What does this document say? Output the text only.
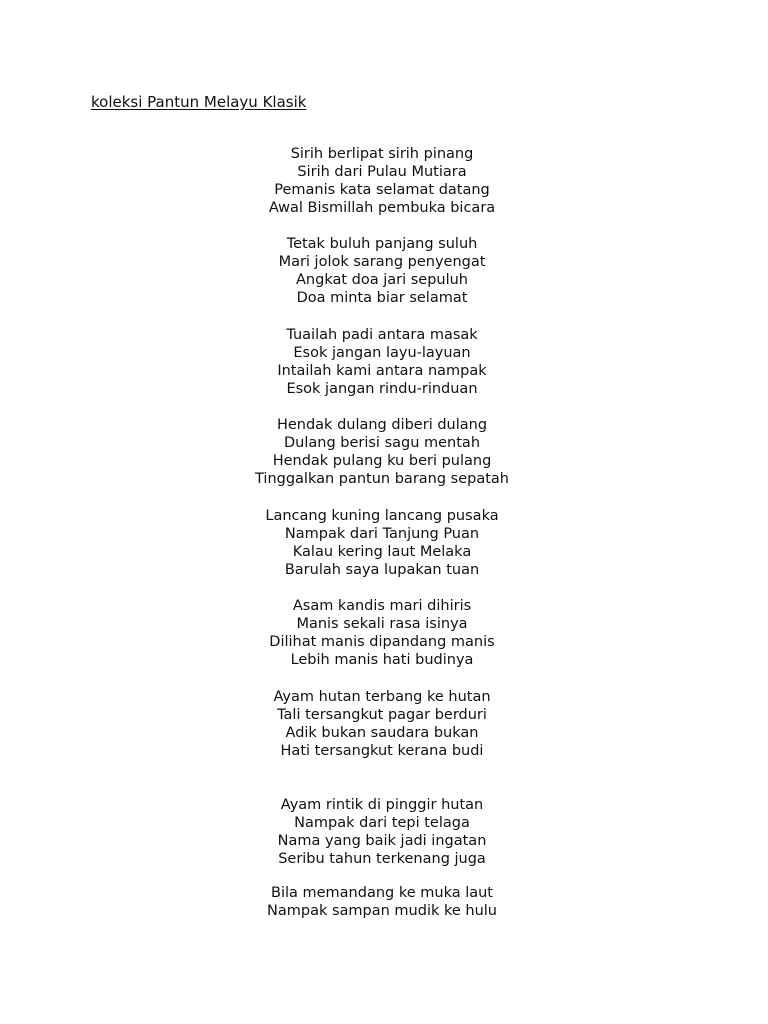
koleksi Pantun Melayu Klasik
Sirih berlipat sirih pinang
Sirih dari Pulau Mutiara
Pemanis kata selamat datang
Awal Bismillah pembuka bicara
Tetak buluh panjang suluh
Mari jolok sarang penyengat
Angkat doa jari sepuluh
Doa minta biar selamat
Tuailah padi antara masak
Esok jangan layu-layuan
Intailah kami antara nampak
Esok jangan rindu-rinduan
Hendak dulang diberi dulang
Dulang berisi sagu mentah
Hendak pulang ku beri pulang
Tinggalkan pantun barang sepatah
Lancang kuning lancang pusaka
Nampak dari Tanjung Puan
Kalau kering laut Melaka
Barulah saya lupakan tuan
Asam kandis mari dihiris
Manis sekali rasa isinya
Dilihat manis dipandang manis
Lebih manis hati budinya
Ayam hutan terbang ke hutan
Tali tersangkut pagar berduri
Adik bukan saudara bukan
Hati tersangkut kerana budi
Ayam rintik di pinggir hutan
Nampak dari tepi telaga
Nama yang baik jadi ingatan
Seribu tahun terkenang juga
Bila memandang ke muka laut
Nampak sampan mudik ke hulu
